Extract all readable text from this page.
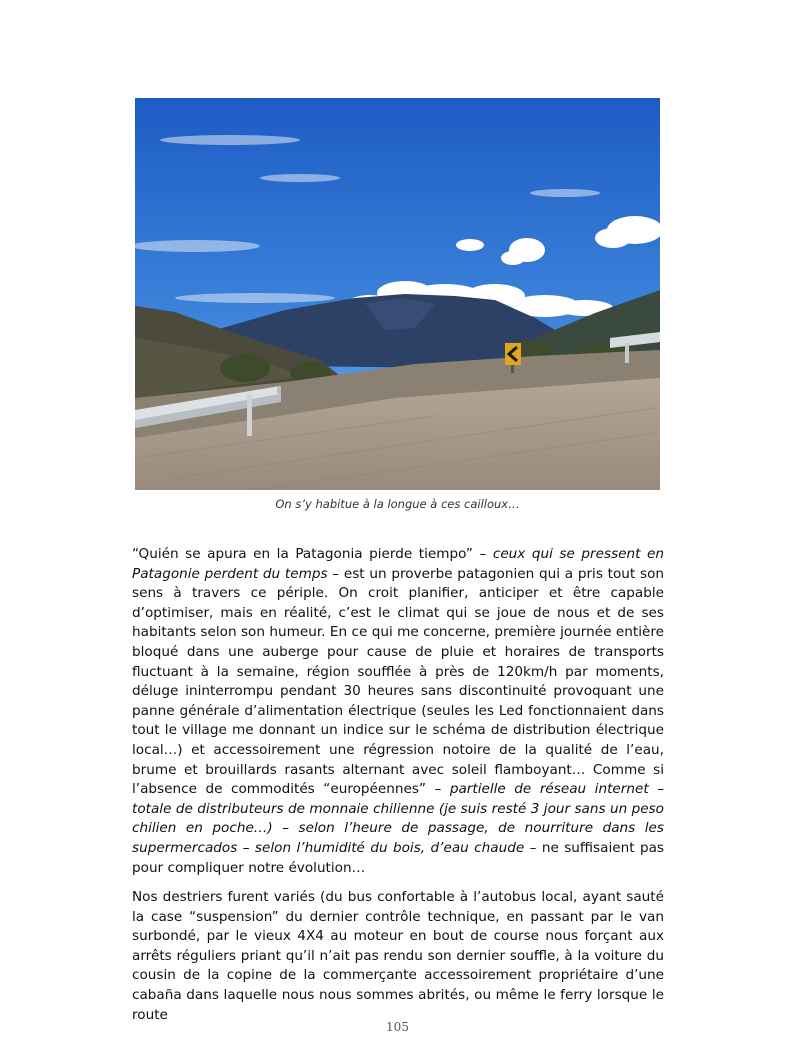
On s’y habitue à la longue à ces cailloux…

“Quién se apura en la Patagonia pierde tiempo” – ceux qui se pressent en Patagonie perdent du temps – est un proverbe patagonien qui a pris tout son sens à travers ce périple. On croit planifier, anticiper et être capable d’optimiser, mais en réalité, c’est le climat qui se joue de nous et de ses habitants selon son humeur. En ce qui me concerne, première journée entière bloqué dans une auberge pour cause de pluie et horaires de transports fluctuant à la semaine, région soufflée à près de 120km/h par moments, déluge ininterrompu pendant 30 heures sans discontinuité provoquant une panne générale d’alimentation électrique (seules les Led fonctionnaient dans tout le village me donnant un indice sur le schéma de distribution électrique local…) et accessoirement une régression notoire de la qualité de l’eau, brume et brouillards rasants alternant avec soleil flamboyant… Comme si l’absence de commodités “européennes” – partielle de réseau internet – totale de distributeurs de monnaie chilienne (je suis resté 3 jour sans un peso chilien en poche…) – selon l’heure de passage, de nourriture dans les supermercados – selon l’humidité du bois, d’eau chaude – ne suffisaient pas pour compliquer notre évolution…

Nos destriers furent variés (du bus confortable à l’autobus local, ayant sauté la case “suspension” du dernier contrôle technique, en passant par le van surbondé, par le vieux 4X4 au moteur en bout de course nous forçant aux arrêts réguliers priant qu’il n’ait pas rendu son dernier souffle, à la voiture du cousin de la copine de la commerçante accessoirement propriétaire d’une cabaña dans laquelle nous nous sommes abrités, ou même le ferry lorsque le route

105
